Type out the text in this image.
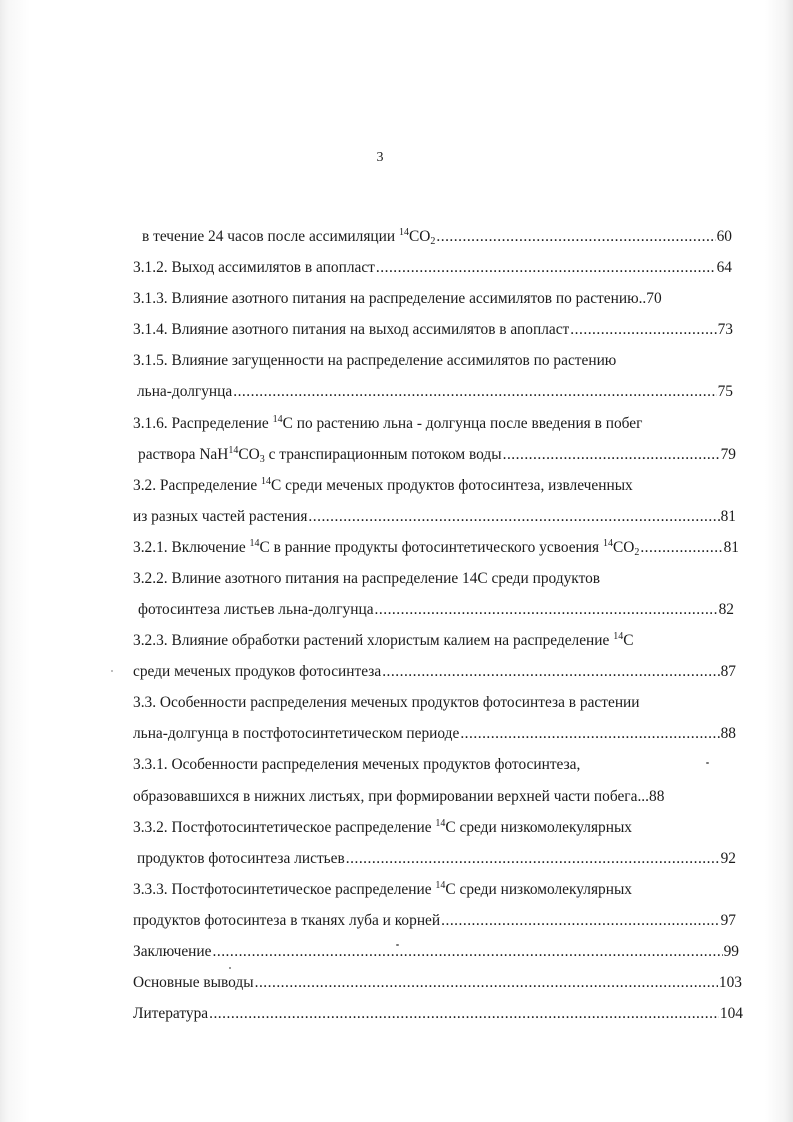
3
в течение 24 часов после ассимиляции $^{14}CO_2$ .....	60
3.1.2. Выход ассимилятов в апопласт .....	64
3.1.3. Влияние азотного питания на распределение ассимилятов по растению.. 70
3.1.4. Влияние азотного питания на выход ассимилятов в апопласт .....	73
3.1.5. Влияние загущенности на распределение ассимилятов по растению
льна-долгунца .....	75
3.1.6. Распределение $^{14}$С по растению льна - долгунца после введения в побег
раствора $NaH^{14}CO_3$ с транспирационным потоком воды .....	79
3.2. Распределение $^{14}$С среди меченых продуктов фотосинтеза, извлеченных
из разных частей растения .....	81
3.2.1. Включение $^{14}$С в ранние продукты фотосинтетического усвоения $^{14}CO_2$ .....	81
3.2.2. Влиние азотного питания на распределение 14С среди продуктов
фотосинтеза листьев льна-долгунца .....	82
3.2.3. Влияние обработки растений хлористым калием на распределение $^{14}$С
среди меченых продуков фотосинтеза .....	87
3.3. Особенности распределения меченых продуктов фотосинтеза в растении
льна-долгунца в постфотосинтетическом периоде .....	88
3.3.1. Особенности распределения меченых продуктов фотосинтеза,
образовавшихся в нижних листьях, при формировании верхней части побега... 88
3.3.2. Постфотосинтетическое распределение $^{14}$С среди низкомолекулярных
продуктов фотосинтеза листьев .....	92
3.3.3. Постфотосинтетическое распределение $^{14}$С среди низкомолекулярных
продуктов фотосинтеза в тканях луба и корней .....	97
Заключение .....	99
Основные выводы .....	103
Литература .....	104
